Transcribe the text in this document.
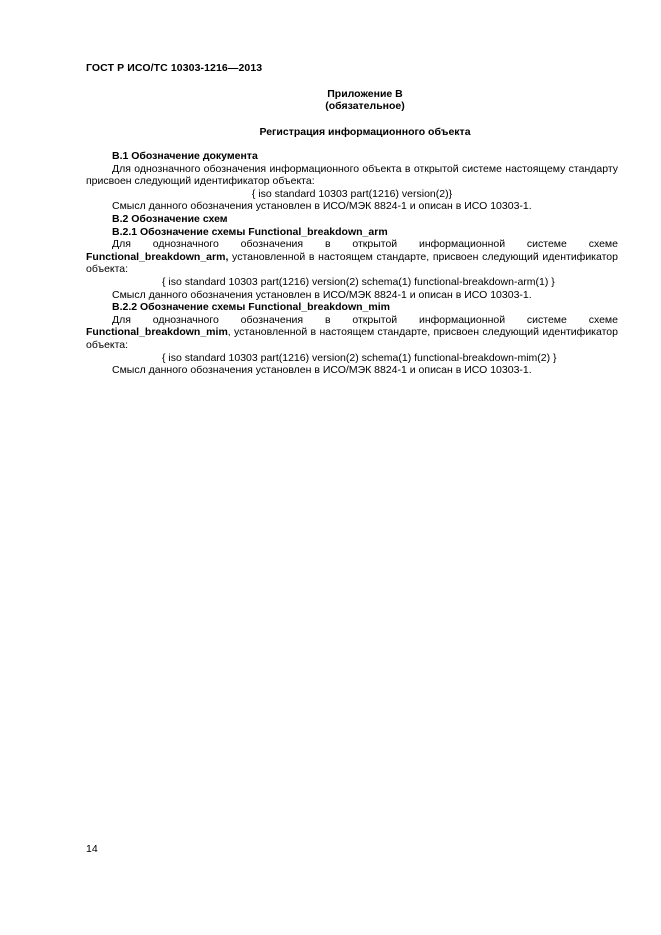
ГОСТ Р ИСО/ТС 10303-1216—2013
Приложение В
(обязательное)
Регистрация информационного объекта

В.1 Обозначение документа

Для однозначного обозначения информационного объекта в открытой системе настоящему стандарту присвоен следующий идентификатор объекта:

{ iso standard 10303 part(1216) version(2)}

Смысл данного обозначения установлен в ИСО/МЭК 8824-1 и описан в ИСО 10303-1.

В.2 Обозначение схем

В.2.1 Обозначение схемы Functional_breakdown_arm

Для однозначного обозначения в открытой информационной системе схеме Functional_breakdown_arm, установленной в настоящем стандарте, присвоен следующий идентификатор объекта:

{ iso standard 10303 part(1216) version(2) schema(1) functional-breakdown-arm(1) }

Смысл данного обозначения установлен в ИСО/МЭК 8824-1 и описан в ИСО 10303-1.

В.2.2 Обозначение схемы Functional_breakdown_mim

Для однозначного обозначения в открытой информационной системе схеме Functional_breakdown_mim, установленной в настоящем стандарте, присвоен следующий идентификатор объекта:

{ iso standard 10303 part(1216) version(2) schema(1) functional-breakdown-mim(2) }

Смысл данного обозначения установлен в ИСО/МЭК 8824-1 и описан в ИСО 10303-1.

14
